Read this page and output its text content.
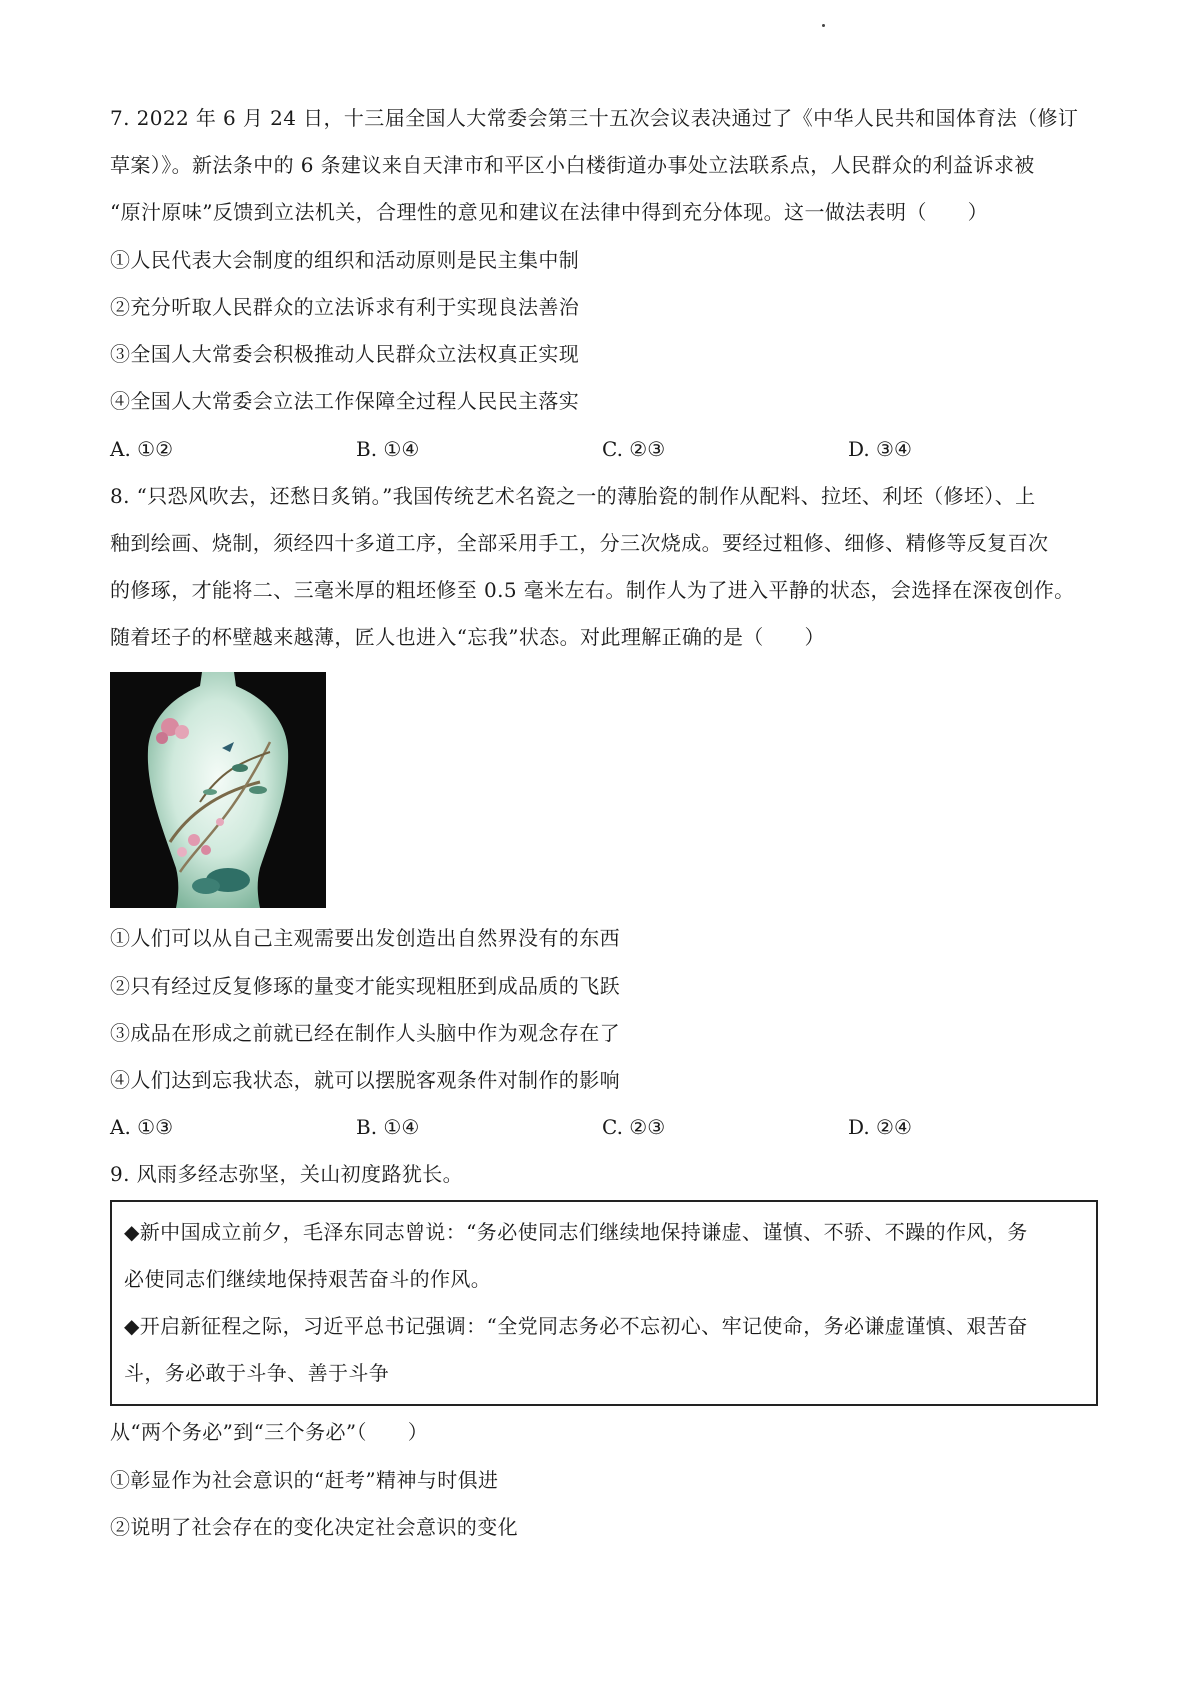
7. 2022 年 6 月 24 日，十三届全国人大常委会第三十五次会议表决通过了《中华人民共和国体育法（修订
草案）》。新法条中的 6 条建议来自天津市和平区小白楼街道办事处立法联系点，人民群众的利益诉求被
“原汁原味”反馈到立法机关，合理性的意见和建议在法律中得到充分体现。这一做法表明（　　）
①人民代表大会制度的组织和活动原则是民主集中制
②充分听取人民群众的立法诉求有利于实现良法善治
③全国人大常委会积极推动人民群众立法权真正实现
④全国人大常委会立法工作保障全过程人民民主落实
A. ①②	B. ①④	C. ②③	D. ③④
8. “只恐风吹去，还愁日炙销。”我国传统艺术名瓷之一的薄胎瓷的制作从配料、拉坯、利坯（修坯）、上
釉到绘画、烧制，须经四十多道工序，全部采用手工，分三次烧成。要经过粗修、细修、精修等反复百次
的修琢，才能将二、三毫米厚的粗坯修至 0.5 毫米左右。制作人为了进入平静的状态，会选择在深夜创作。
随着坯子的杯壁越来越薄，匠人也进入“忘我”状态。对此理解正确的是（　　）
①人们可以从自己主观需要出发创造出自然界没有的东西
②只有经过反复修琢的量变才能实现粗胚到成品质的飞跃
③成品在形成之前就已经在制作人头脑中作为观念存在了
④人们达到忘我状态，就可以摆脱客观条件对制作的影响
A. ①③	B. ①④	C. ②③	D. ②④
9. 风雨多经志弥坚，关山初度路犹长。
◆新中国成立前夕，毛泽东同志曾说：“务必使同志们继续地保持谦虚、谨慎、不骄、不躁的作风，务
必使同志们继续地保持艰苦奋斗的作风。
◆开启新征程之际，习近平总书记强调：“全党同志务必不忘初心、牢记使命，务必谦虚谨慎、艰苦奋
斗，务必敢于斗争、善于斗争
从“两个务必”到“三个务必”（　　）
①彰显作为社会意识的“赶考”精神与时俱进
②说明了社会存在的变化决定社会意识的变化
